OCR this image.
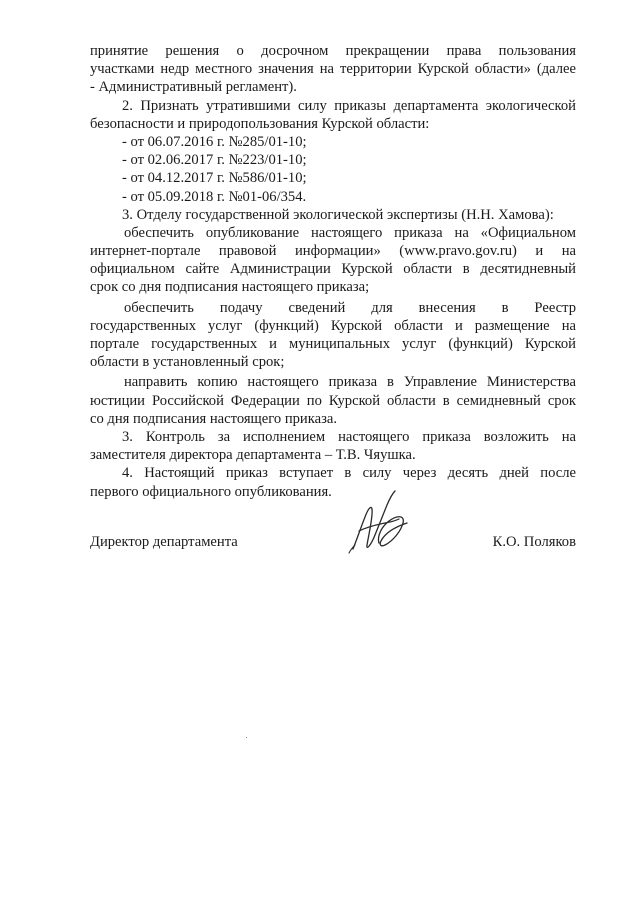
принятие решения о досрочном прекращении права пользования
участками недр местного значения на территории Курской области» (далее
- Административный регламент).
2. Признать утратившими силу приказы департамента экологической
безопасности и природопользования Курской области:
- от 06.07.2016 г. №285/01-10;
- от 02.06.2017 г. №223/01-10;
- от 04.12.2017 г. №586/01-10;
- от 05.09.2018 г. №01-06/354.
3. Отделу государственной экологической экспертизы (Н.Н. Хамова):
обеспечить опубликование настоящего приказа на «Официальном
интернет-портале правовой информации» (www.pravo.gov.ru) и на
официальном сайте Администрации Курской области в десятидневный
срок со дня подписания настоящего приказа;
обеспечить подачу сведений для внесения в Реестр
государственных услуг (функций) Курской области и размещение на
портале государственных и муниципальных услуг (функций) Курской
области в установленный срок;
направить копию настоящего приказа в Управление Министерства
юстиции Российской Федерации по Курской области в семидневный срок
со дня подписания настоящего приказа.
3. Контроль за исполнением настоящего приказа возложить на
заместителя директора департамента – Т.В. Чяушка.
4. Настоящий приказ вступает в силу через десять дней после
первого официального опубликования.
Директор департамента	К.О. Поляков
